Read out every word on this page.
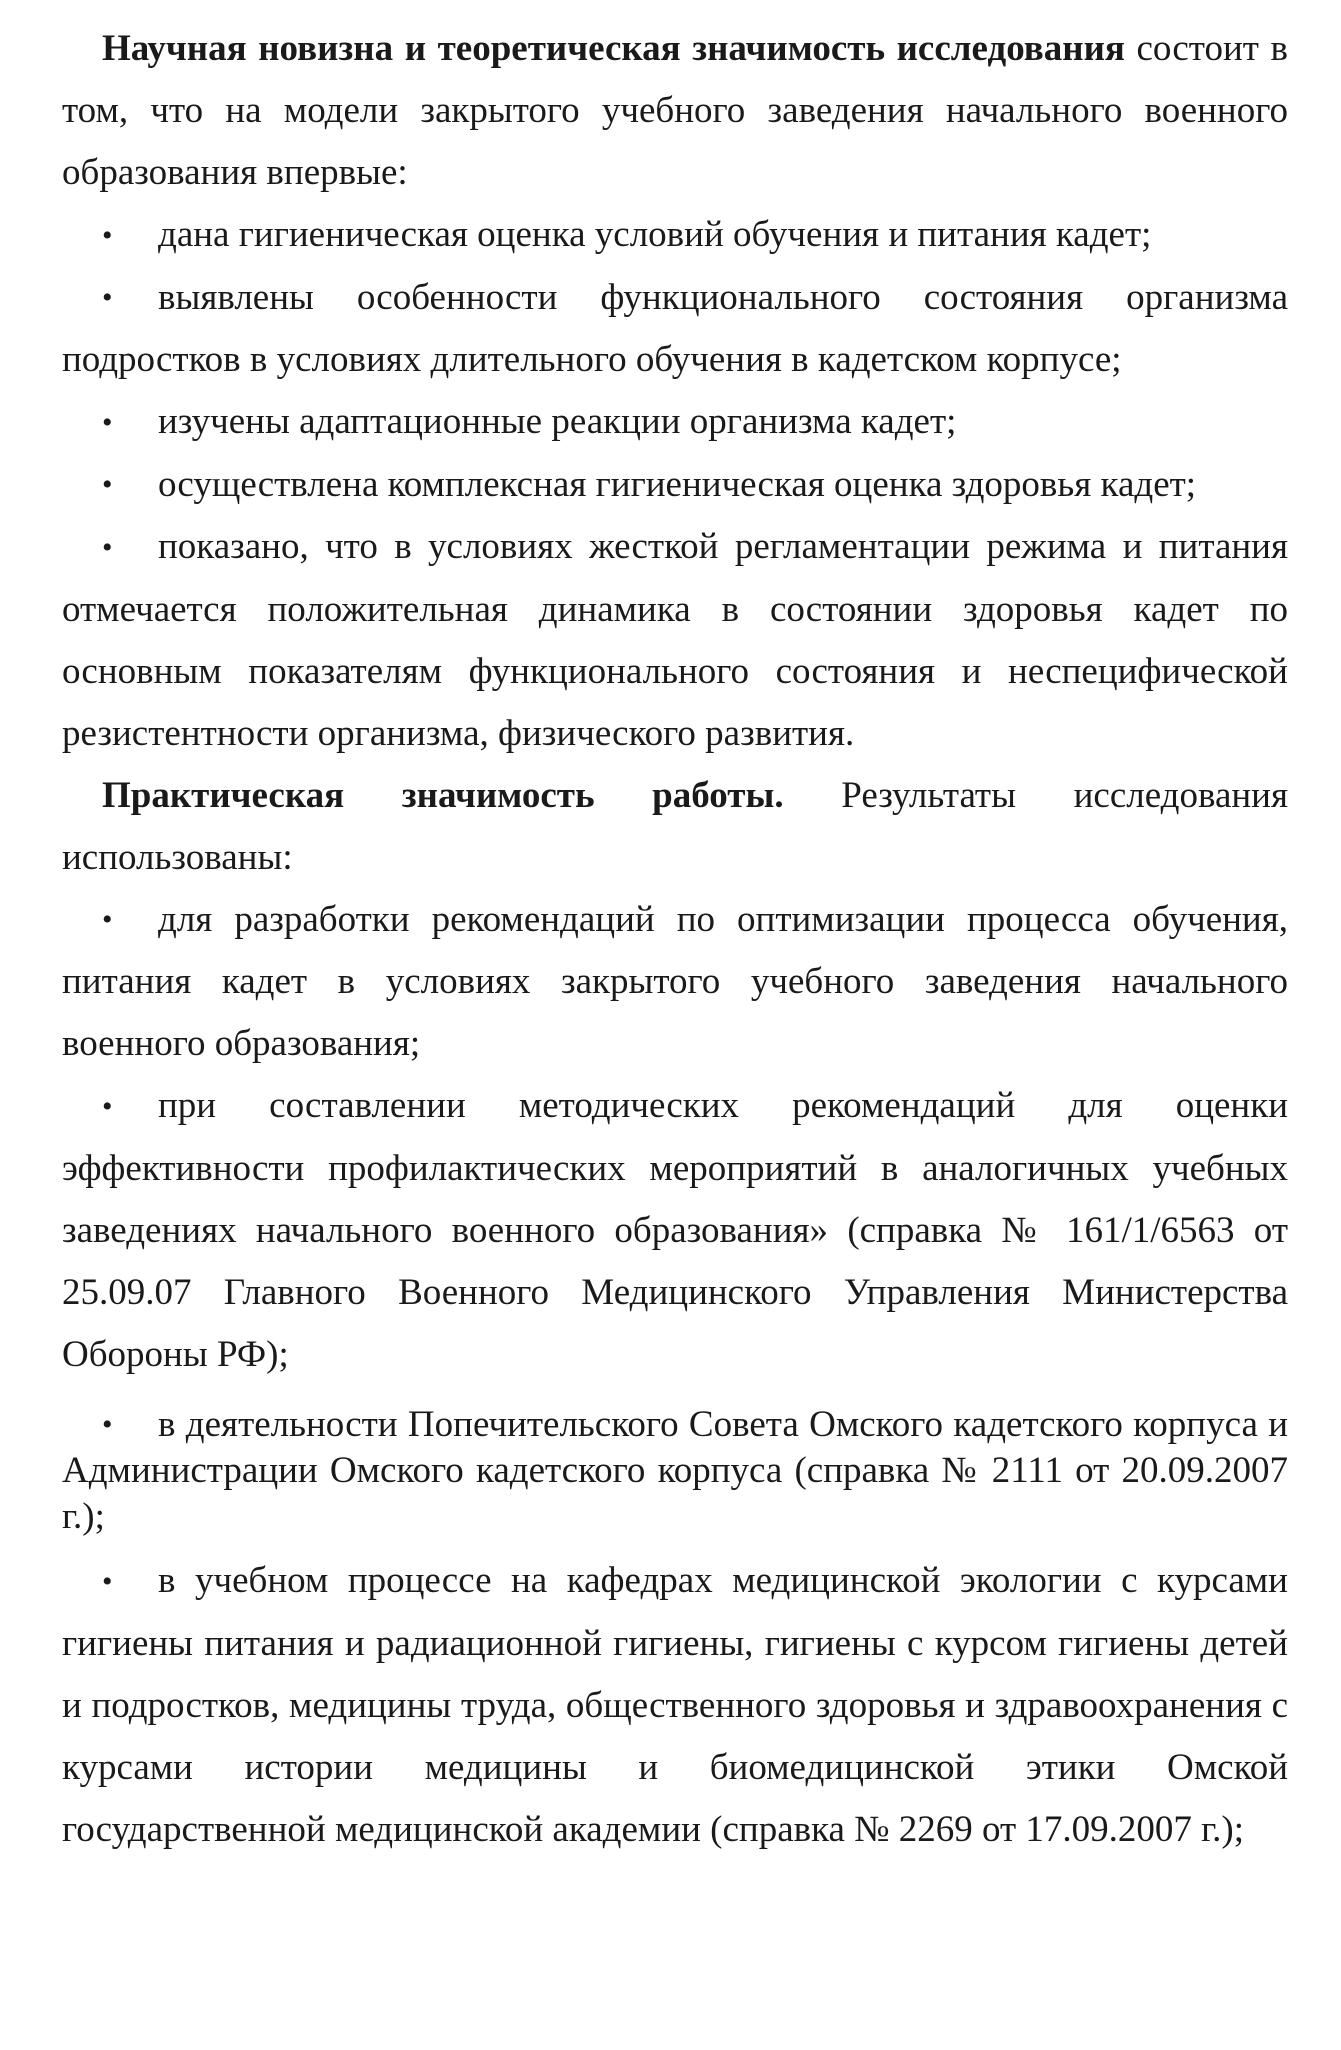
Научная новизна и теоретическая значимость исследования состоит в том, что на модели закрытого учебного заведения начального военного образования впервые:

• дана гигиеническая оценка условий обучения и питания кадет;

• выявлены особенности функционального состояния организма подростков в условиях длительного обучения в кадетском корпусе;

• изучены адаптационные реакции организма кадет;

• осуществлена комплексная гигиеническая оценка здоровья кадет;

• показано, что в условиях жесткой регламентации режима и питания отмечается положительная динамика в состоянии здоровья кадет по основным показателям функционального состояния и неспецифической резистентности организма, физического развития.

Практическая значимость работы. Результаты исследования использованы:

• для разработки рекомендаций по оптимизации процесса обучения, питания кадет в условиях закрытого учебного заведения начального военного образования;

• при составлении методических рекомендаций для оценки эффективности профилактических мероприятий в аналогичных учебных заведениях начального военного образования» (справка № 161/1/6563 от 25.09.07 Главного Военного Медицинского Управления Министерства Обороны РФ);

• в деятельности Попечительского Совета Омского кадетского корпуса и Администрации Омского кадетского корпуса (справка № 2111 от 20.09.2007 г.);

• в учебном процессе на кафедрах медицинской экологии с курсами гигиены питания и радиационной гигиены, гигиены с курсом гигиены детей и подростков, медицины труда, общественного здоровья и здравоохранения с курсами истории медицины и биомедицинской этики Омской государственной медицинской академии (справка № 2269 от 17.09.2007 г.);
